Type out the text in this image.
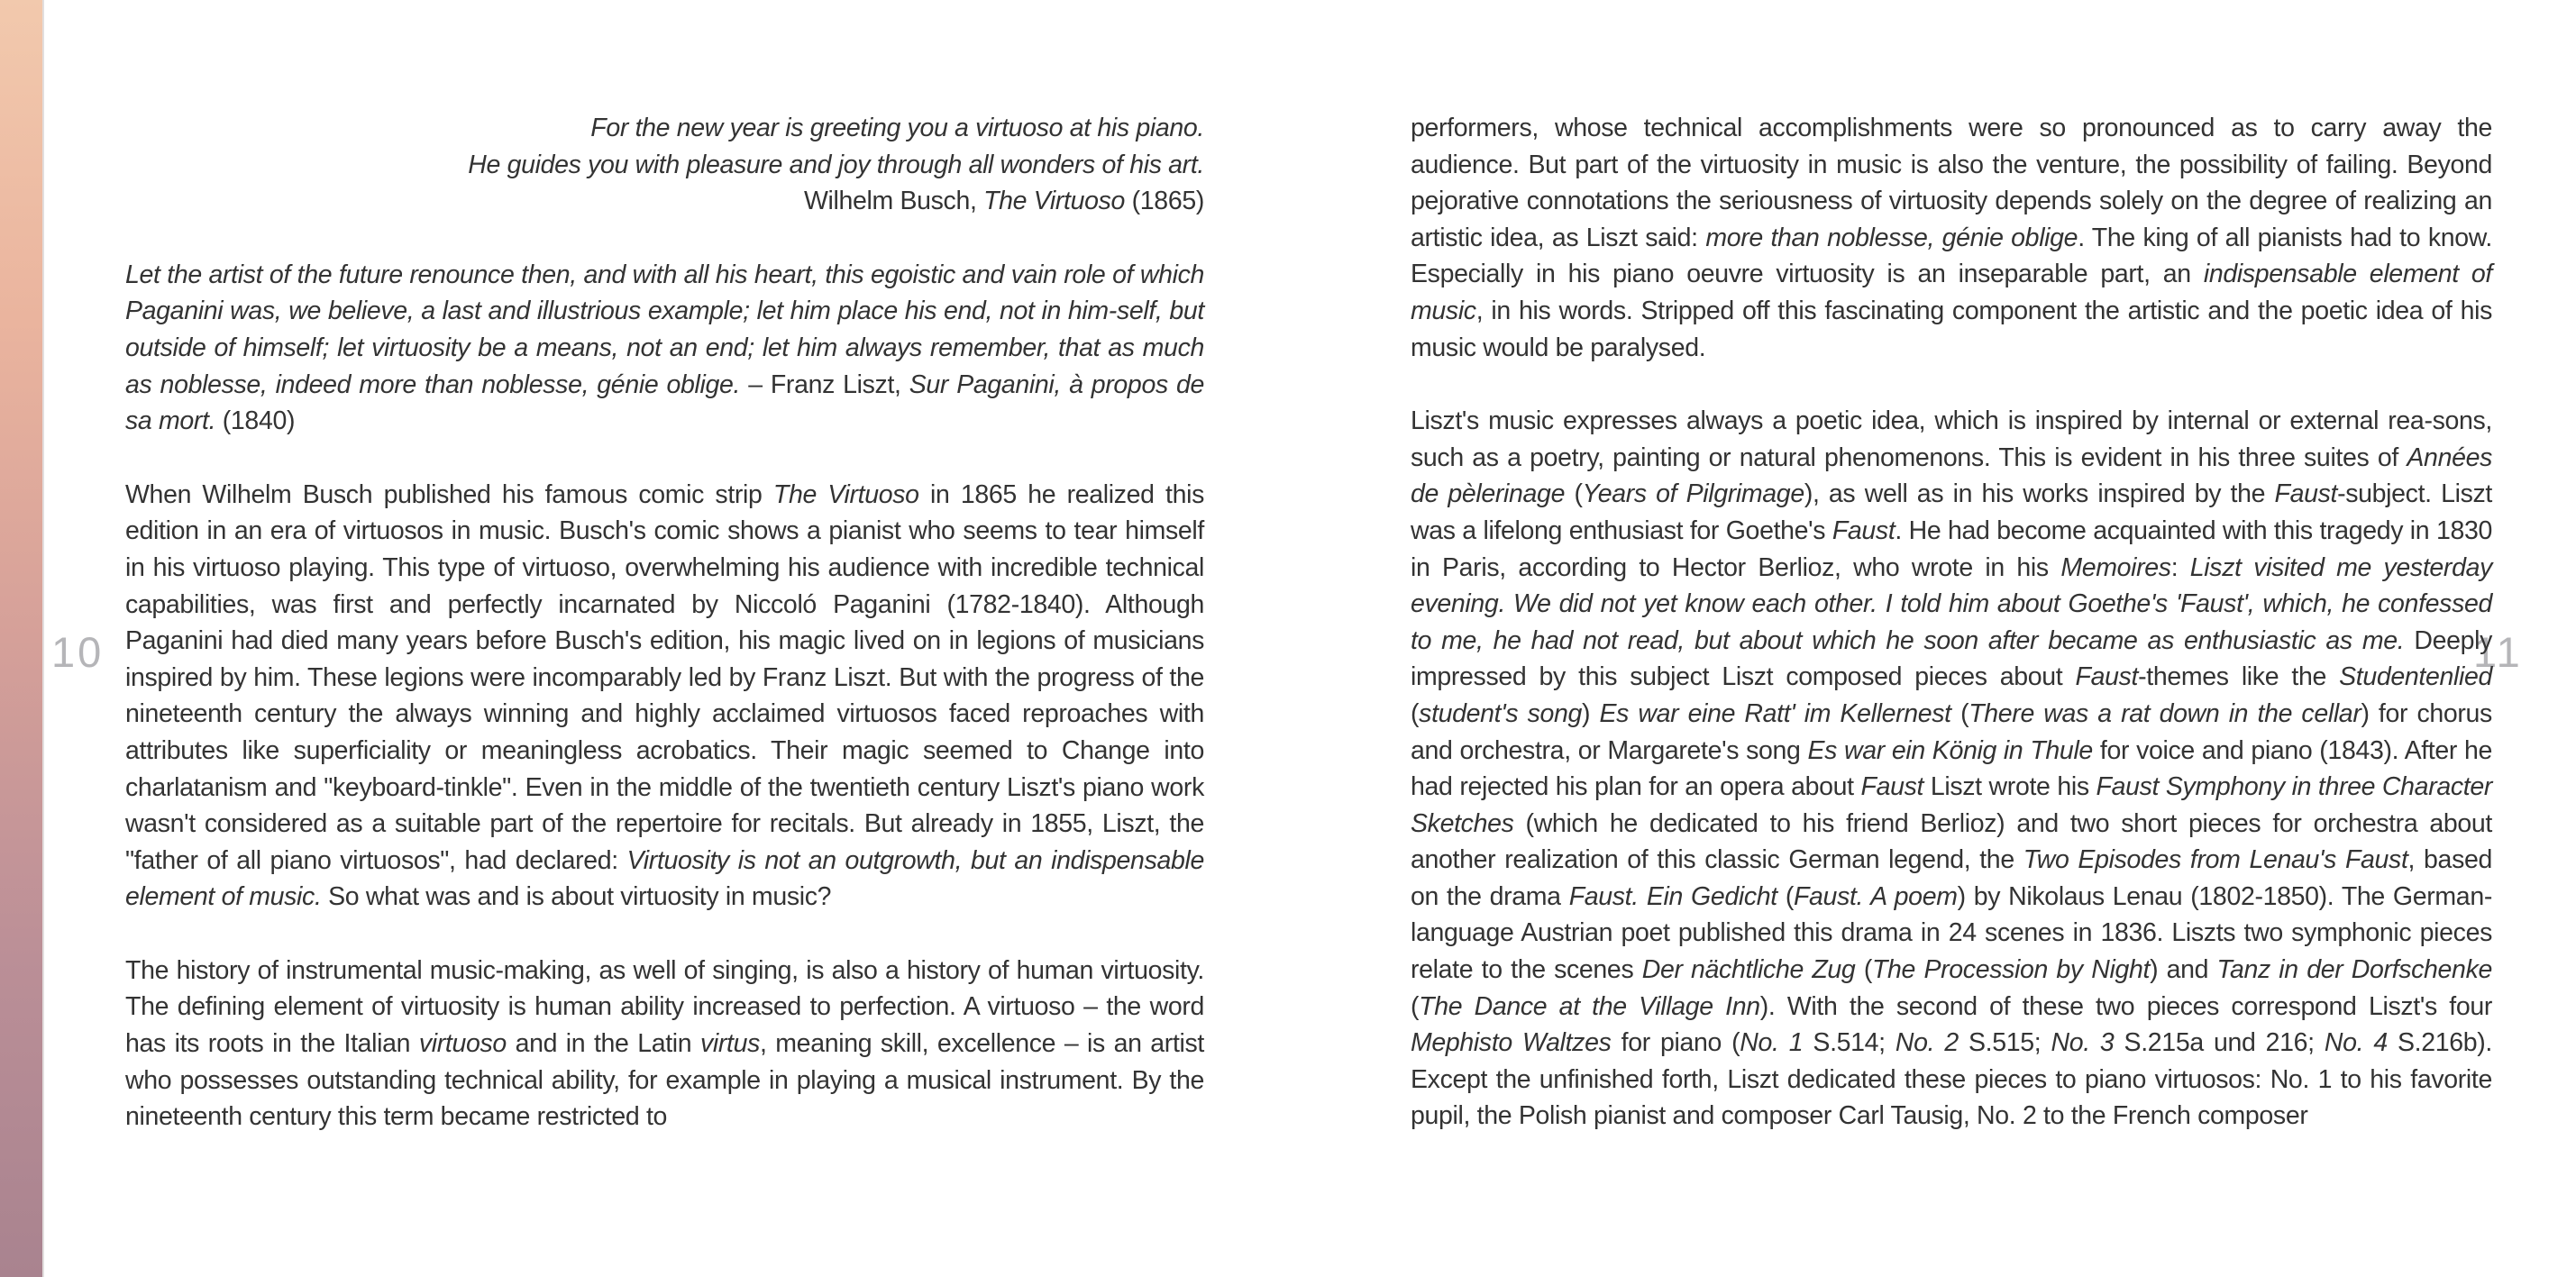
10	11
For the new year is greeting you a virtuoso at his piano.
He guides you with pleasure and joy through all wonders of his art.
Wilhelm Busch, The Virtuoso (1865)

Let the artist of the future renounce then, and with all his heart, this egoistic and vain role of which Paganini was, we believe, a last and illustrious example; let him place his end, not in him-self, but outside of himself; let virtuosity be a means, not an end; let him always remember, that as much as noblesse, indeed more than noblesse, génie oblige. – Franz Liszt, Sur Paganini, à propos de sa mort. (1840)

When Wilhelm Busch published his famous comic strip The Virtuoso in 1865 he realized this edition in an era of virtuosos in music. Busch's comic shows a pianist who seems to tear himself in his virtuoso playing. This type of virtuoso, overwhelming his audience with incredible technical capabilities, was first and perfectly incarnated by Niccoló Paganini (1782-1840). Although Paganini had died many years before Busch's edition, his magic lived on in legions of musicians inspired by him. These legions were incomparably led by Franz Liszt. But with the progress of the nineteenth century the always winning and highly acclaimed virtuosos faced reproaches with attributes like superficiality or meaningless acrobatics. Their magic seemed to Change into charlatanism and "keyboard-tinkle". Even in the middle of the twentieth century Liszt's piano work wasn't considered as a suitable part of the repertoire for recitals. But already in 1855, Liszt, the "father of all piano virtuosos", had declared: Virtuosity is not an outgrowth, but an indispensable element of music. So what was and is about virtuosity in music?

The history of instrumental music-making, as well of singing, is also a history of human virtuosity. The defining element of virtuosity is human ability increased to perfection. A virtuoso – the word has its roots in the Italian virtuoso and in the Latin virtus, meaning skill, excellence – is an artist who possesses outstanding technical ability, for example in playing a musical instrument. By the nineteenth century this term became restricted to

performers, whose technical accomplishments were so pronounced as to carry away the audience. But part of the virtuosity in music is also the venture, the possibility of failing. Beyond pejorative connotations the seriousness of virtuosity depends solely on the degree of realizing an artistic idea, as Liszt said: more than noblesse, génie oblige. The king of all pianists had to know. Especially in his piano oeuvre virtuosity is an inseparable part, an indispensable element of music, in his words. Stripped off this fascinating component the artistic and the poetic idea of his music would be paralysed.

Liszt's music expresses always a poetic idea, which is inspired by internal or external rea-sons, such as a poetry, painting or natural phenomenons. This is evident in his three suites of Années de pèlerinage (Years of Pilgrimage), as well as in his works inspired by the Faust-subject. Liszt was a lifelong enthusiast for Goethe's Faust. He had become acquainted with this tragedy in 1830 in Paris, according to Hector Berlioz, who wrote in his Memoires: Liszt visited me yesterday evening. We did not yet know each other. I told him about Goethe's 'Faust', which, he confessed to me, he had not read, but about which he soon after became as enthusiastic as me. Deeply impressed by this subject Liszt composed pieces about Faust-themes like the Studentenlied (student's song) Es war eine Ratt' im Kellernest (There was a rat down in the cellar) for chorus and orchestra, or Margarete's song Es war ein König in Thule for voice and piano (1843). After he had rejected his plan for an opera about Faust Liszt wrote his Faust Symphony in three Character Sketches (which he dedicated to his friend Berlioz) and two short pieces for orchestra about another realization of this classic German legend, the Two Episodes from Lenau's Faust, based on the drama Faust. Ein Gedicht (Faust. A poem) by Nikolaus Lenau (1802-1850). The German-language Austrian poet published this drama in 24 scenes in 1836. Liszts two symphonic pieces relate to the scenes Der nächtliche Zug (The Procession by Night) and Tanz in der Dorfschenke (The Dance at the Village Inn). With the second of these two pieces correspond Liszt's four Mephisto Waltzes for piano (No. 1 S.514; No. 2 S.515; No. 3 S.215a und 216; No. 4 S.216b). Except the unfinished forth, Liszt dedicated these pieces to piano virtuosos: No. 1 to his favorite pupil, the Polish pianist and composer Carl Tausig, No. 2 to the French composer
